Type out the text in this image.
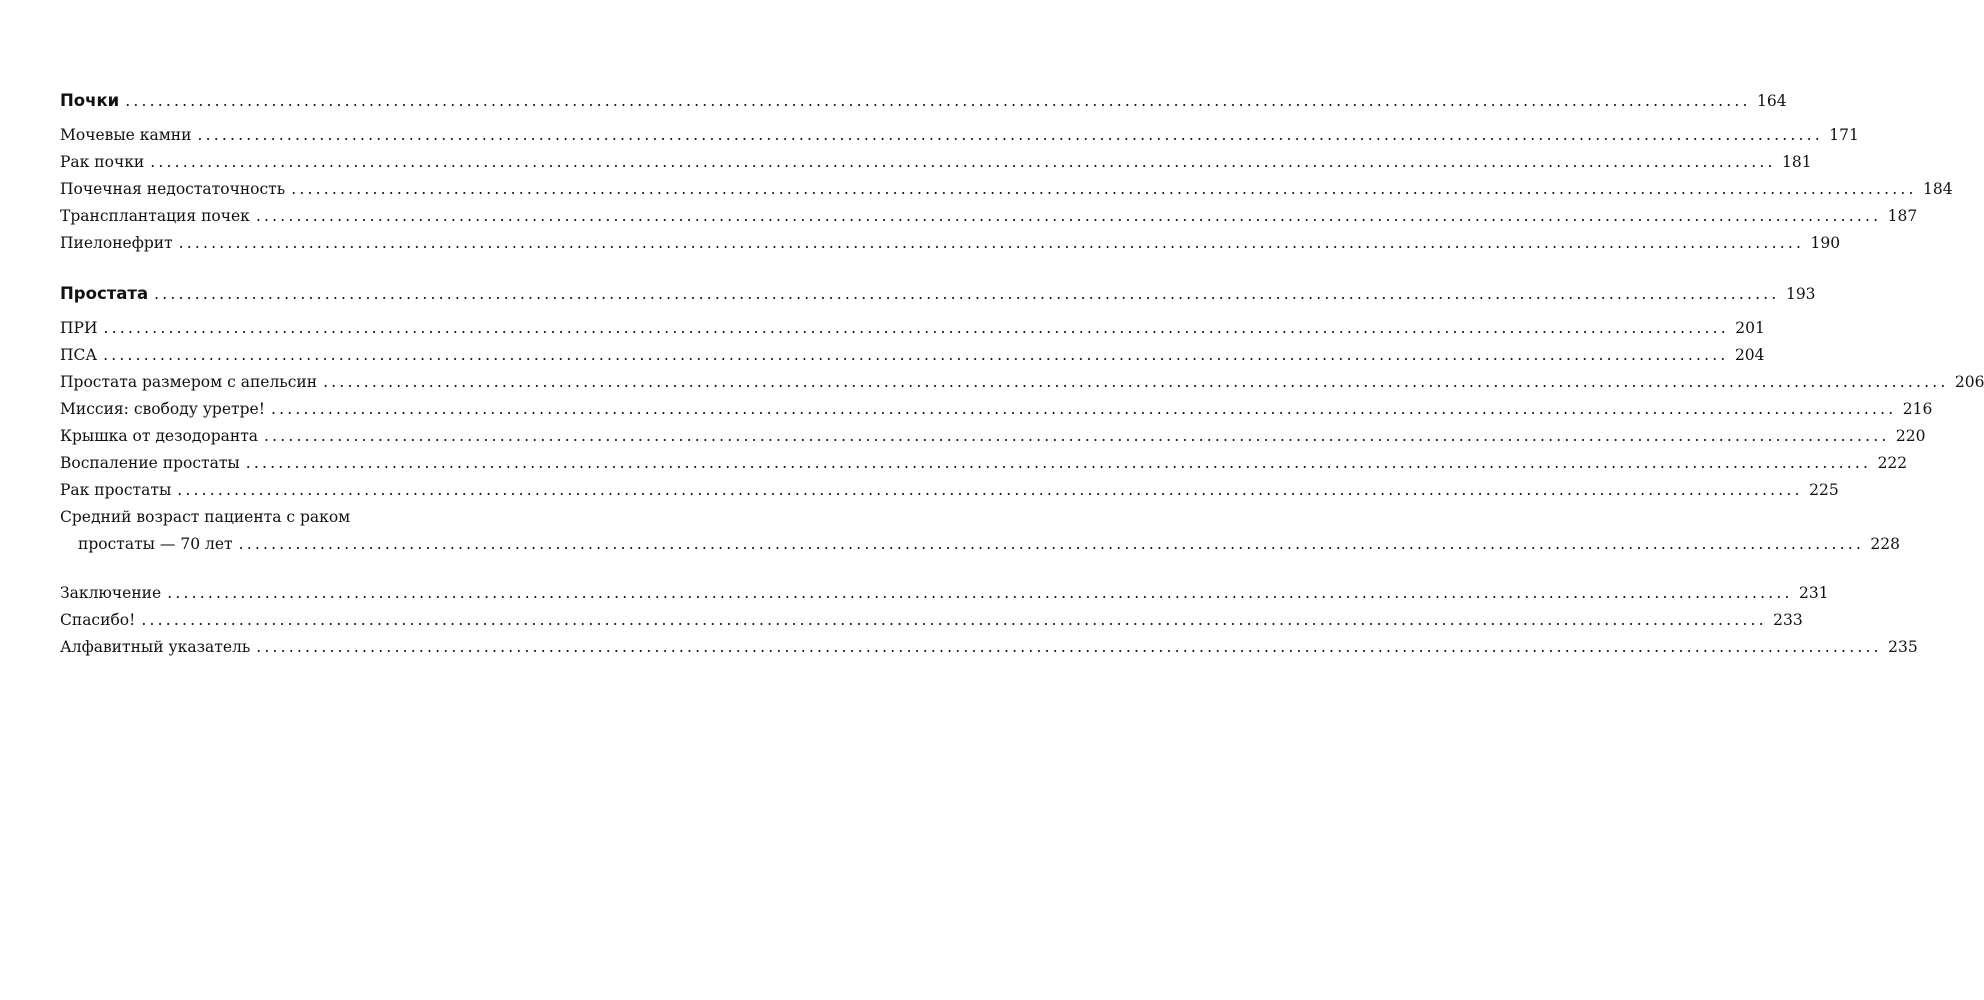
Почки ........................................................................................................................................................................................................ 164
Мочевые камни ........................................................................................................................................................................................................ 171
Рак почки ........................................................................................................................................................................................................ 181
Почечная недостаточность ........................................................................................................................................................................................................ 184
Трансплантация почек ........................................................................................................................................................................................................ 187
Пиелонефрит ........................................................................................................................................................................................................ 190
Простата ........................................................................................................................................................................................................ 193
ПРИ ........................................................................................................................................................................................................ 201
ПСА ........................................................................................................................................................................................................ 204
Простата размером с апельсин ........................................................................................................................................................................................................ 206
Миссия: свободу уретре! ........................................................................................................................................................................................................ 216
Крышка от дезодоранта ........................................................................................................................................................................................................ 220
Воспаление простаты ........................................................................................................................................................................................................ 222
Рак простаты ........................................................................................................................................................................................................ 225
Средний возраст пациента с раком
простаты — 70 лет ........................................................................................................................................................................................................ 228
Заключение ........................................................................................................................................................................................................ 231
Спасибо! ........................................................................................................................................................................................................ 233
Алфавитный указатель ........................................................................................................................................................................................................ 235
